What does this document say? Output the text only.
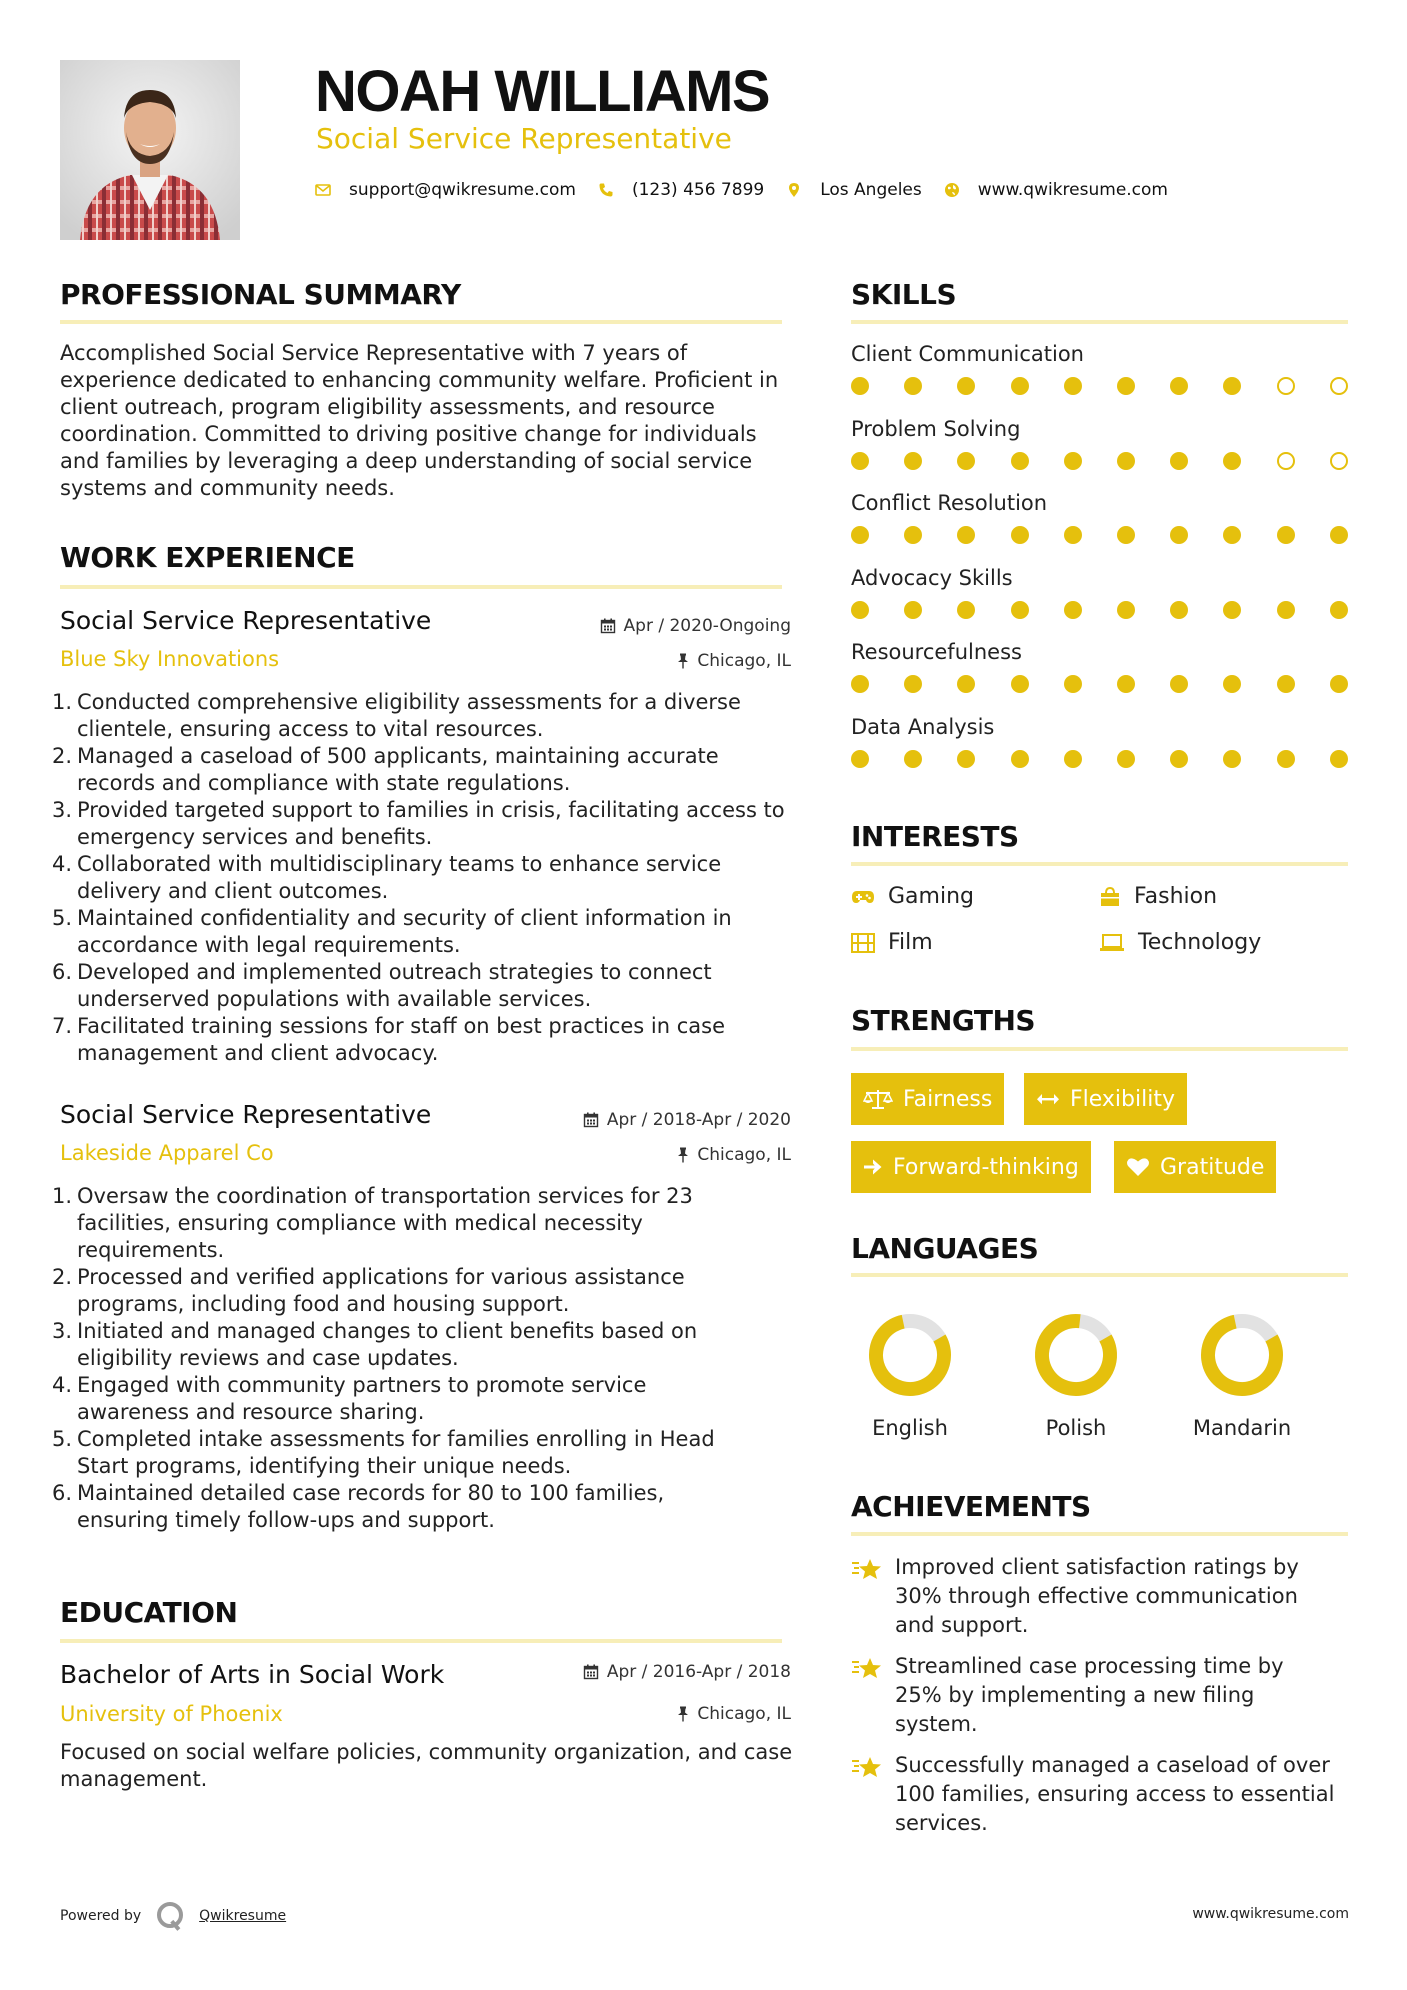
NOAH WILLIAMS
Social Service Representative
support@qwikresume.com	(123) 456 7899	Los Angeles	www.qwikresume.com
PROFESSIONAL SUMMARY
Accomplished Social Service Representative with 7 years of experience dedicated to enhancing community welfare. Proficient in client outreach, program eligibility assessments, and resource coordination. Committed to driving positive change for individuals and families by leveraging a deep understanding of social service systems and community needs.
WORK EXPERIENCE
Social Service Representative	Apr / 2020-Ongoing
Blue Sky Innovations	Chicago, IL
1. Conducted comprehensive eligibility assessments for a diverse clientele, ensuring access to vital resources.
2. Managed a caseload of 500 applicants, maintaining accurate records and compliance with state regulations.
3. Provided targeted support to families in crisis, facilitating access to emergency services and benefits.
4. Collaborated with multidisciplinary teams to enhance service delivery and client outcomes.
5. Maintained confidentiality and security of client information in accordance with legal requirements.
6. Developed and implemented outreach strategies to connect underserved populations with available services.
7. Facilitated training sessions for staff on best practices in case management and client advocacy.
Social Service Representative	Apr / 2018-Apr / 2020
Lakeside Apparel Co	Chicago, IL
1. Oversaw the coordination of transportation services for 23 facilities, ensuring compliance with medical necessity requirements.
2. Processed and verified applications for various assistance programs, including food and housing support.
3. Initiated and managed changes to client benefits based on eligibility reviews and case updates.
4. Engaged with community partners to promote service awareness and resource sharing.
5. Completed intake assessments for families enrolling in Head Start programs, identifying their unique needs.
6. Maintained detailed case records for 80 to 100 families, ensuring timely follow-ups and support.
EDUCATION
Bachelor of Arts in Social Work	Apr / 2016-Apr / 2018
University of Phoenix	Chicago, IL
Focused on social welfare policies, community organization, and case management.
SKILLS
Client Communication
Problem Solving
Conflict Resolution
Advocacy Skills
Resourcefulness
Data Analysis
INTERESTS
Gaming	Fashion
Film	Technology
STRENGTHS
Fairness	Flexibility
Forward-thinking	Gratitude
LANGUAGES
English	Polish	Mandarin
ACHIEVEMENTS
Improved client satisfaction ratings by 30% through effective communication and support.
Streamlined case processing time by 25% by implementing a new filing system.
Successfully managed a caseload of over 100 families, ensuring access to essential services.
Powered by	Qwikresume	www.qwikresume.com
